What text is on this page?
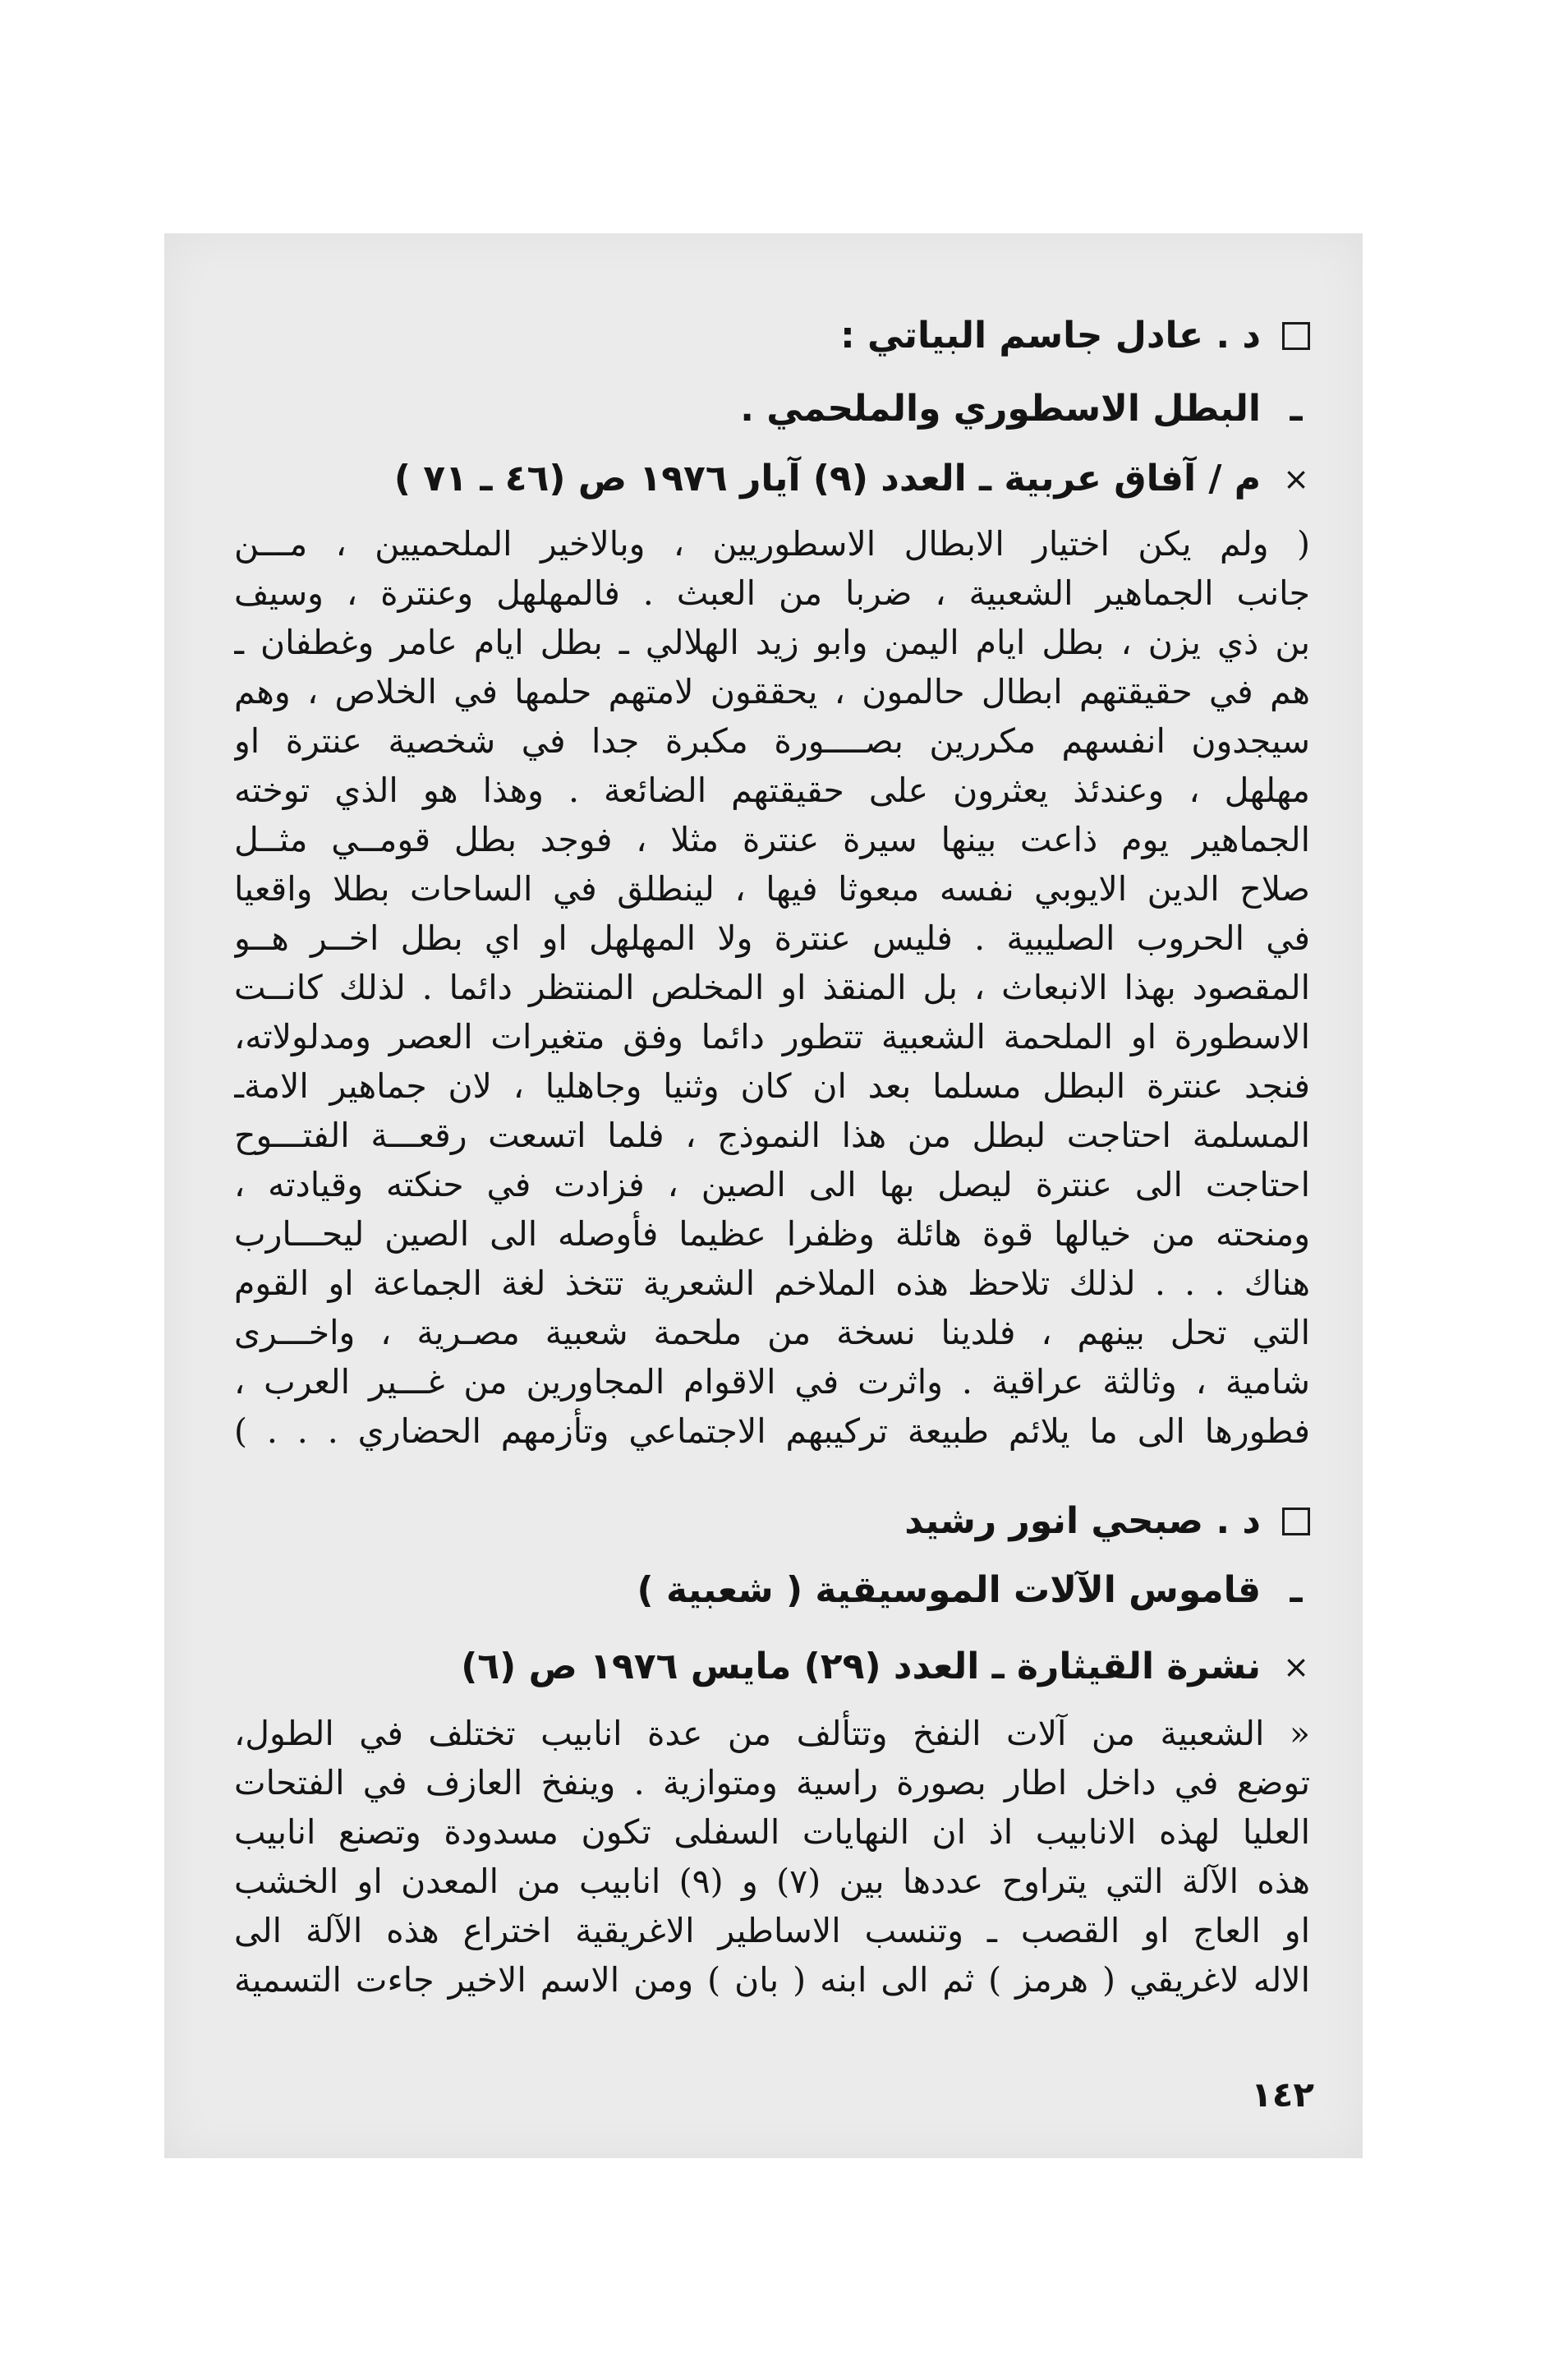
د . عادل جاسم البياتي :
ـ
البطل الاسطوري والملحمي .
×
م / آفاق عربية ـ العدد (٩) آيار ١٩٧٦ ص (٤٦ ـ ٧١ )
( ولم يكن اختيار الابطال الاسطوريين ، وبالاخير الملحميين ، مـــن
جانب الجماهير الشعبية ، ضربا من العبث . فالمهلهل وعنترة ، وسيف
بن ذي يزن ، بطل ايام اليمن وابو زيد الهلالي ـ بطل ايام عامر وغطفان ـ
هم في حقيقتهم ابطال حالمون ، يحققون لامتهم حلمها في الخلاص ، وهم
سيجدون انفسهم مكررين بصــــورة مكبرة جدا في شخصية عنترة او
مهلهل ، وعندئذ يعثرون على حقيقتهم الضائعة . وهذا هو الذي توخته
الجماهير يوم ذاعت بينها سيرة عنترة مثلا ، فوجد بطل قومــي مثــل
صلاح الدين الايوبي نفسه مبعوثا فيها ، لينطلق في الساحات بطلا واقعيا
في الحروب الصليبية . فليس عنترة ولا المهلهل او اي بطل اخــر هــو
المقصود بهذا الانبعاث ، بل المنقذ او المخلص المنتظر دائما . لذلك كانــت
الاسطورة او الملحمة الشعبية تتطور دائما وفق متغيرات العصر ومدلولاته،
فنجد عنترة البطل مسلما بعد ان كان وثنيا وجاهليا ، لان جماهير الامةـ
المسلمة احتاجت لبطل من هذا النموذج ، فلما اتسعت رقعـــة الفتـــوح
احتاجت الى عنترة ليصل بها الى الصين ، فزادت في حنكته وقيادته ،
ومنحته من خيالها قوة هائلة وظفرا عظيما فأوصله الى الصين ليحـــارب
هناك . . . لذلك تلاحظ هذه الملاخم الشعرية تتخذ لغة الجماعة او القوم
التي تحل بينهم ، فلدينا نسخة من ملحمة شعبية مصـرية ، واخـــرى
شامية ، وثالثة عراقية . واثرت في الاقوام المجاورين من غـــير العرب ،
فطورها الى ما يلائم طبيعة تركيبهم الاجتماعي وتأزمهم الحضاري . . . )
د . صبحي انور رشيد
ـ
قاموس الآلات الموسيقية ( شعبية )
×
نشرة القيثارة ـ العدد (٢٩) مايس ١٩٧٦ ص (٦)
« الشعبية من آلات النفخ وتتألف من عدة انابيب تختلف في الطول،
توضع في داخل اطار بصورة راسية ومتوازية . وينفخ العازف في الفتحات
العليا لهذه الانابيب اذ ان النهايات السفلى تكون مسدودة وتصنع انابيب
هذه الآلة التي يتراوح عددها بين (٧) و (٩) انابيب من المعدن او الخشب
او العاج او القصب ـ وتنسب الاساطير الاغريقية اختراع هذه الآلة الى
الاله لاغريقي ( هرمز ) ثم الى ابنه ( بان ) ومن الاسم الاخير جاءت التسمية
١٤٢
